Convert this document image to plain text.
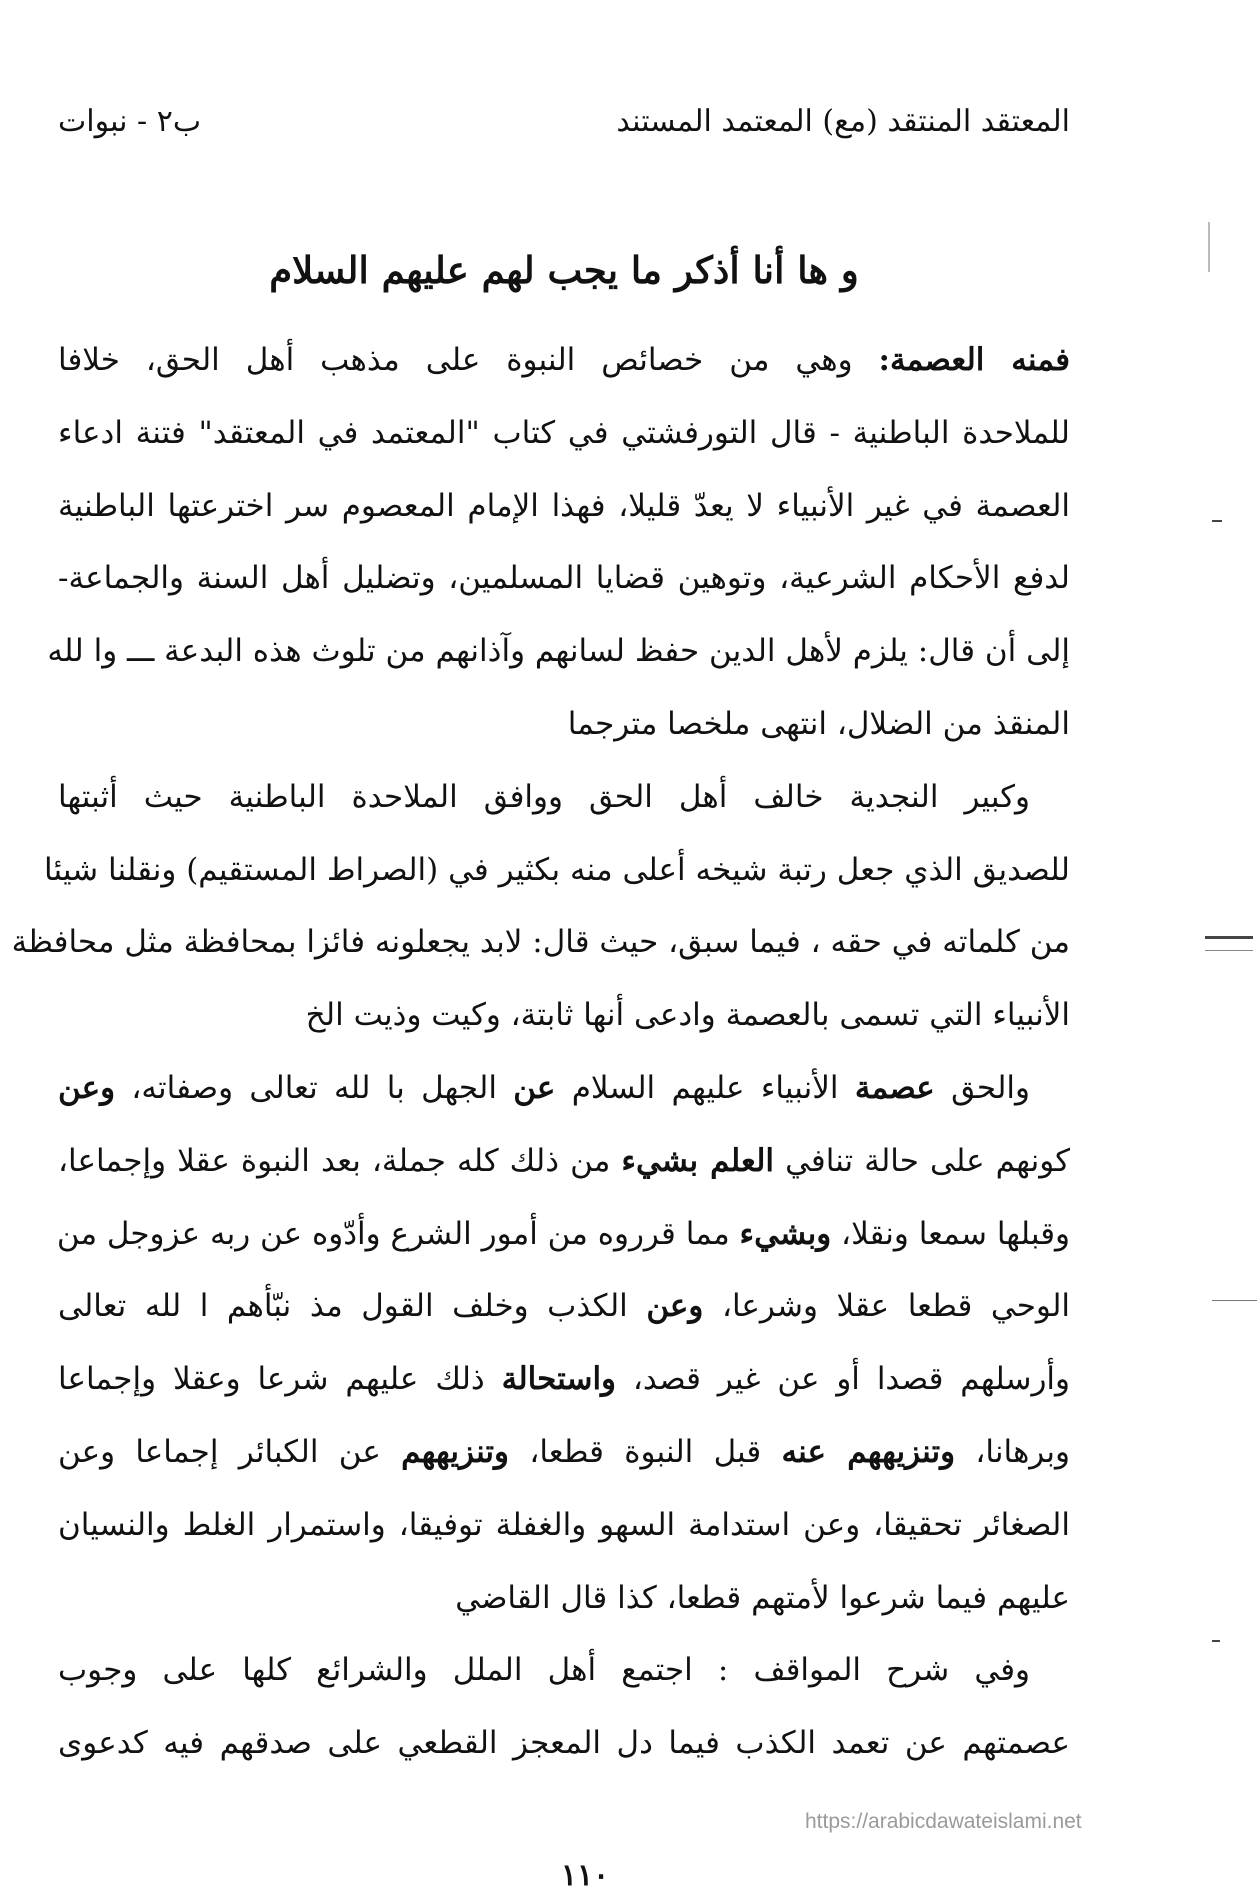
المعتقد المنتقد (مع) المعتمد المستند
ب٢ - نبوات
و ها أنا أذكر ما يجب لهم عليهم السلام
فمنه العصمة: وهي من خصائص النبوة على مذهب أهل الحق، خلافا
للملاحدة الباطنية - قال التورفشتي في كتاب "المعتمد في المعتقد" فتنة ادعاء
العصمة في غير الأنبياء لا يعدّ قليلا، فهذا الإمام المعصوم سر اخترعتها الباطنية
لدفع الأحكام الشرعية، وتوهين قضايا المسلمين، وتضليل أهل السنة والجماعة-
إلى أن قال: يلزم لأهل الدين حفظ لسانهم وآذانهم من تلوث هذه البدعة ـــ وا لله
المنقذ من الضلال، انتهى ملخصا مترجما
وكبير النجدية خالف أهل الحق ووافق الملاحدة الباطنية حيث أثبتها
للصديق الذي جعل رتبة شيخه أعلى منه بكثير في (الصراط المستقيم) ونقلنا شيئا
من كلماته في حقه ، فيما سبق، حيث قال: لابد يجعلونه فائزا بمحافظة مثل محافظة
الأنبياء التي تسمى بالعصمة وادعى أنها ثابتة، وكيت وذيت الخ
والحق عصمة الأنبياء عليهم السلام عن الجهل با لله تعالى وصفاته، وعن
كونهم على حالة تنافي العلم بشيء من ذلك كله جملة، بعد النبوة عقلا وإجماعا،
وقبلها سمعا ونقلا، وبشيء مما قرروه من أمور الشرع وأدّوه عن ربه عزوجل من
الوحي قطعا عقلا وشرعا، وعن الكذب وخلف القول مذ نبّأهم ا لله تعالى
وأرسلهم قصدا أو عن غير قصد، واستحالة ذلك عليهم شرعا وعقلا وإجماعا
وبرهانا، وتنزيههم عنه قبل النبوة قطعا، وتنزيههم عن الكبائر إجماعا وعن
الصغائر تحقيقا، وعن استدامة السهو والغفلة توفيقا، واستمرار الغلط والنسيان
عليهم فيما شرعوا لأمتهم قطعا، كذا قال القاضي
وفي شرح المواقف : اجتمع أهل الملل والشرائع كلها على وجوب
عصمتهم عن تعمد الكذب فيما دل المعجز القطعي على صدقهم فيه كدعوى
https://arabicdawateislami.net
١١٠
